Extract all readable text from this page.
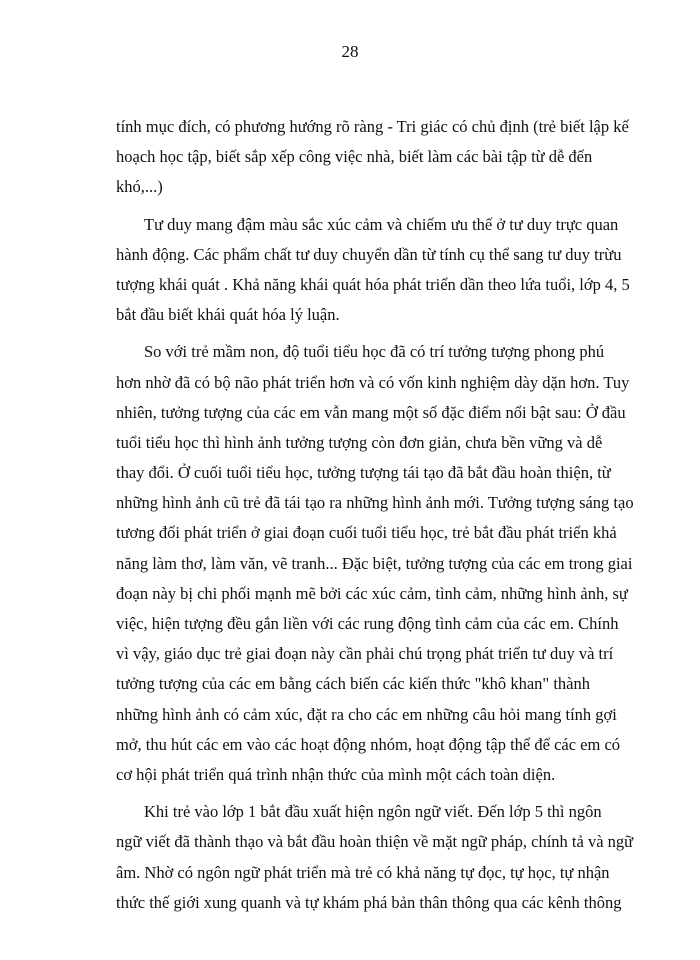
28
tính mục đích, có phương hướng rõ ràng - Tri giác có chủ định (trẻ biết lập kế
hoạch học tập, biết sắp xếp công việc nhà, biết làm các bài tập từ dễ đến
khó,...)
Tư duy mang đậm màu sắc xúc cảm và chiếm ưu thế ở tư duy trực quan
hành động. Các phẩm chất tư duy chuyển dần từ tính cụ thể sang tư duy trừu
tượng khái quát . Khả năng khái quát hóa phát triển dần theo lứa tuổi, lớp 4, 5
bắt đầu biết khái quát hóa lý luận.
So với trẻ mầm non, độ tuổi tiểu học đã có trí tưởng tượng phong phú
hơn nhờ đã có bộ não phát triển hơn và có vốn kinh nghiệm dày dặn hơn. Tuy
nhiên, tưởng tượng của các em vẫn mang một số đặc điểm nổi bật sau: Ở đầu
tuổi tiểu học thì hình ảnh tưởng tượng còn đơn giản, chưa bền vững và dễ
thay đổi. Ở cuối tuổi tiểu học, tưởng tượng tái tạo đã bắt đầu hoàn thiện, từ
những hình ảnh cũ trẻ đã tái tạo ra những hình ảnh mới. Tưởng tượng sáng tạo
tương đối phát triển ở giai đoạn cuối tuổi tiểu học, trẻ bắt đầu phát triển khả
năng làm thơ, làm văn, vẽ tranh... Đặc biệt, tưởng tượng của các em trong giai
đoạn này bị chi phối mạnh mẽ bởi các xúc cảm, tình cảm, những hình ảnh, sự
việc, hiện tượng đều gắn liền với các rung động tình cảm của các em. Chính
vì vậy, giáo dục trẻ giai đoạn này cần phải chú trọng phát triển tư duy và trí
tưởng tượng của các em bằng cách biến các kiến thức "khô khan" thành
những hình ảnh có cảm xúc, đặt ra cho các em những câu hỏi mang tính gợi
mở, thu hút các em vào các hoạt động nhóm, hoạt động tập thể để các em có
cơ hội phát triển quá trình nhận thức của mình một cách toàn diện.
Khi trẻ vào lớp 1 bắt đầu xuất hiện ngôn ngữ viết. Đến lớp 5 thì ngôn
ngữ viết đã thành thạo và bắt đầu hoàn thiện về mặt ngữ pháp, chính tả và ngữ
âm. Nhờ có ngôn ngữ phát triển mà trẻ có khả năng tự đọc, tự học, tự nhận
thức thế giới xung quanh và tự khám phá bản thân thông qua các kênh thông
